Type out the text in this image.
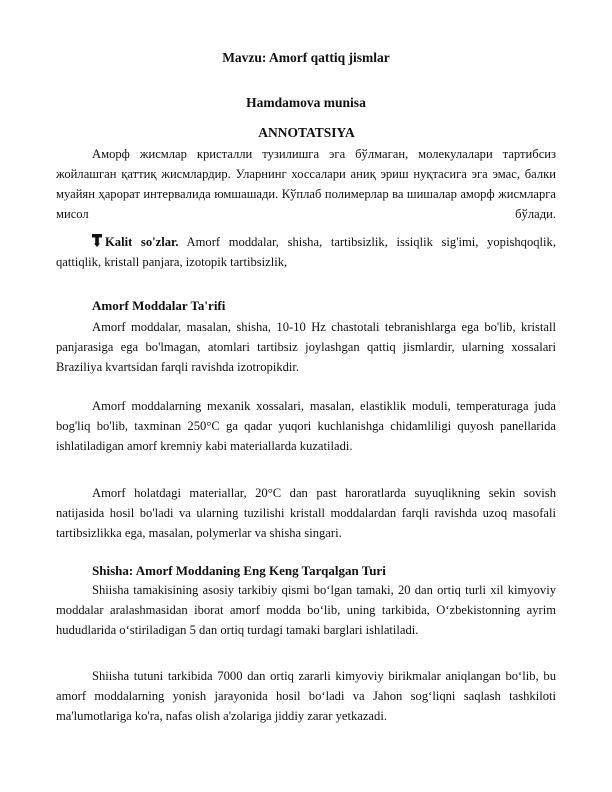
Mavzu: Amorf qattiq jismlar

Hamdamova munisa

ANNOTATSIYA

Аморф жисмлар кристалли тузилишга эга бўлмаган, молекулалари тартибсиз жойлашган қаттиқ жисмлардир. Уларнинг хоссалари аниқ эриш нуқтасига эга эмас, балки муайян ҳарорат интервалида юмшашади. Кўплаб полимерлар ва шишалар аморф жисмларга мисол бўлади.

Kalit so'zlar. Amorf moddalar, shisha, tartibsizlik, issiqlik sig'imi, yopishqoqlik, qattiqlik, kristall panjara, izotopik tartibsizlik,

Amorf Moddalar Ta'rifi

Amorf moddalar, masalan, shisha, 10-10 Hz chastotali tebranishlarga ega bo'lib, kristall panjarasiga ega bo'lmagan, atomlari tartibsiz joylashgan qattiq jismlardir, ularning xossalari Braziliya kvartsidan farqli ravishda izotropikdir.

Amorf moddalarning mexanik xossalari, masalan, elastiklik moduli, temperaturaga juda bog'liq bo'lib, taxminan 250°C ga qadar yuqori kuchlanishga chidamliligi quyosh panellarida ishlatiladigan amorf kremniy kabi materiallarda kuzatiladi.

Amorf holatdagi materiallar, 20°C dan past haroratlarda suyuqlikning sekin sovish natijasida hosil bo'ladi va ularning tuzilishi kristall moddalardan farqli ravishda uzoq masofali tartibsizlikka ega, masalan, polymerlar va shisha singari.

Shisha: Amorf Moddaning Eng Keng Tarqalgan Turi

Shiisha tamakisining asosiy tarkibiy qismi bo‘lgan tamaki, 20 dan ortiq turli xil kimyoviy moddalar aralashmasidan iborat amorf modda bo‘lib, uning tarkibida, O‘zbekistonning ayrim hududlarida o‘stiriladigan 5 dan ortiq turdagi tamaki barglari ishlatiladi.

Shiisha tutuni tarkibida 7000 dan ortiq zararli kimyoviy birikmalar aniqlangan bo‘lib, bu amorf moddalarning yonish jarayonida hosil bo‘ladi va Jahon sog‘liqni saqlash tashkiloti ma'lumotlariga ko'ra, nafas olish a'zolariga jiddiy zarar yetkazadi.
